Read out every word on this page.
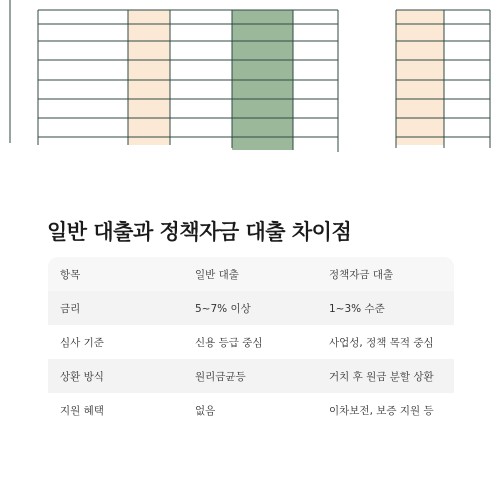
일반 대출과 정책자금 대출 차이점
항목	일반 대출	정책자금 대출
금리	5~7% 이상	1~3% 수준
심사 기준	신용 등급 중심	사업성, 정책 목적 중심
상환 방식	원리금균등	거치 후 원금 분할 상환
지원 혜택	없음	이차보전, 보증 지원 등
